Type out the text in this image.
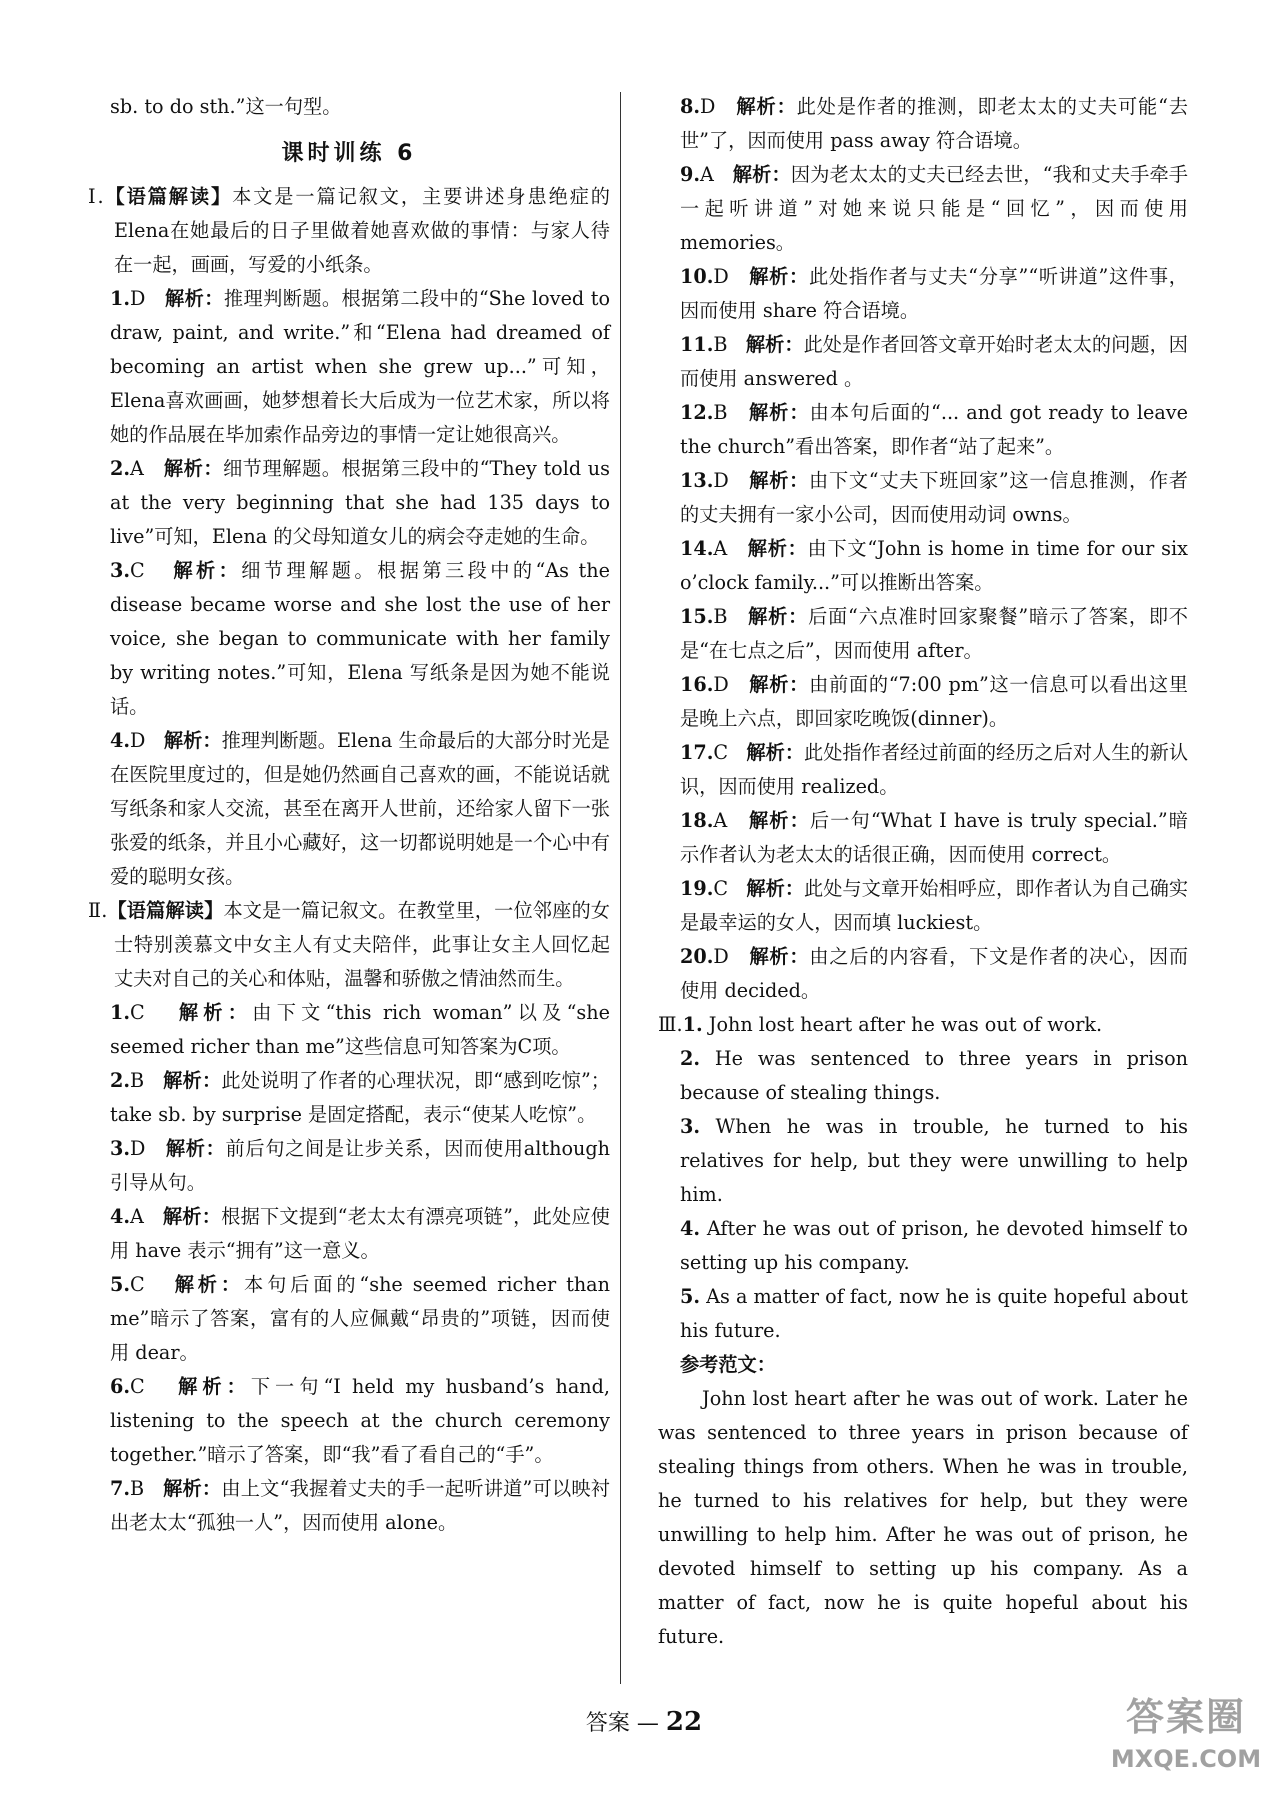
sb. to do sth.”这一句型。

课时训练 6

Ⅰ.【语篇解读】本文是一篇记叙文，主要讲述身患绝症的Elena在她最后的日子里做着她喜欢做的事情：与家人待在一起，画画，写爱的小纸条。

1.D 解析：推理判断题。根据第二段中的“She loved to draw, paint, and write.”和“Elena had dreamed of becoming an artist when she grew up...”可知，Elena喜欢画画，她梦想着长大后成为一位艺术家，所以将她的作品展在毕加索作品旁边的事情一定让她很高兴。

2.A 解析：细节理解题。根据第三段中的“They told us at the very beginning that she had 135 days to live”可知，Elena 的父母知道女儿的病会夺走她的生命。

3.C 解析：细节理解题。根据第三段中的“As the disease became worse and she lost the use of her voice, she began to communicate with her family by writing notes.”可知，Elena 写纸条是因为她不能说话。

4.D 解析：推理判断题。Elena 生命最后的大部分时光是在医院里度过的，但是她仍然画自己喜欢的画，不能说话就写纸条和家人交流，甚至在离开人世前，还给家人留下一张张爱的纸条，并且小心藏好，这一切都说明她是一个心中有爱的聪明女孩。

Ⅱ.【语篇解读】本文是一篇记叙文。在教堂里，一位邻座的女士特别羡慕文中女主人有丈夫陪伴，此事让女主人回忆起丈夫对自己的关心和体贴，温馨和骄傲之情油然而生。

1.C 解析：由下文“this rich woman”以及“she seemed richer than me”这些信息可知答案为C项。

2.B 解析：此处说明了作者的心理状况，即“感到吃惊”；take sb. by surprise 是固定搭配，表示“使某人吃惊”。

3.D 解析：前后句之间是让步关系，因而使用although引导从句。

4.A 解析：根据下文提到“老太太有漂亮项链”，此处应使用 have 表示“拥有”这一意义。

5.C 解析：本句后面的“she seemed richer than me”暗示了答案，富有的人应佩戴“昂贵的”项链，因而使用 dear。

6.C 解析：下一句“I held my husband’s hand, listening to the speech at the church ceremony together.”暗示了答案，即“我”看了看自己的“手”。

7.B 解析：由上文“我握着丈夫的手一起听讲道”可以映衬出老太太“孤独一人”，因而使用 alone。

8.D 解析：此处是作者的推测，即老太太的丈夫可能“去世”了，因而使用 pass away 符合语境。

9.A 解析：因为老太太的丈夫已经去世，“我和丈夫手牵手一起听讲道”对她来说只能是“回忆”，因而使用 memories。

10.D 解析：此处指作者与丈夫“分享”“听讲道”这件事，因而使用 share 符合语境。

11.B 解析：此处是作者回答文章开始时老太太的问题，因而使用 answered 。

12.B 解析：由本句后面的“... and got ready to leave the church”看出答案，即作者“站了起来”。

13.D 解析：由下文“丈夫下班回家”这一信息推测，作者的丈夫拥有一家小公司，因而使用动词 owns。

14.A 解析：由下文“John is home in time for our six o’clock family...”可以推断出答案。

15.B 解析：后面“六点准时回家聚餐”暗示了答案，即不是“在七点之后”，因而使用 after。

16.D 解析：由前面的“7:00 pm”这一信息可以看出这里是晚上六点，即回家吃晚饭(dinner)。

17.C 解析：此处指作者经过前面的经历之后对人生的新认识，因而使用 realized。

18.A 解析：后一句“What I have is truly special.”暗示作者认为老太太的话很正确，因而使用 correct。

19.C 解析：此处与文章开始相呼应，即作者认为自己确实是最幸运的女人，因而填 luckiest。

20.D 解析：由之后的内容看，下文是作者的决心，因而使用 decided。

Ⅲ.1. John lost heart after he was out of work.

2. He was sentenced to three years in prison because of stealing things.

3. When he was in trouble, he turned to his relatives for help, but they were unwilling to help him.

4. After he was out of prison, he devoted himself to setting up his company.

5. As a matter of fact, now he is quite hopeful about his future.

参考范文：

John lost heart after he was out of work. Later he was sentenced to three years in prison because of stealing things from others. When he was in trouble, he turned to his relatives for help, but they were unwilling to help him. After he was out of prison, he devoted himself to setting up his company. As a matter of fact, now he is quite hopeful about his future.

答案 — 22	答案圈
MXQE.COM
